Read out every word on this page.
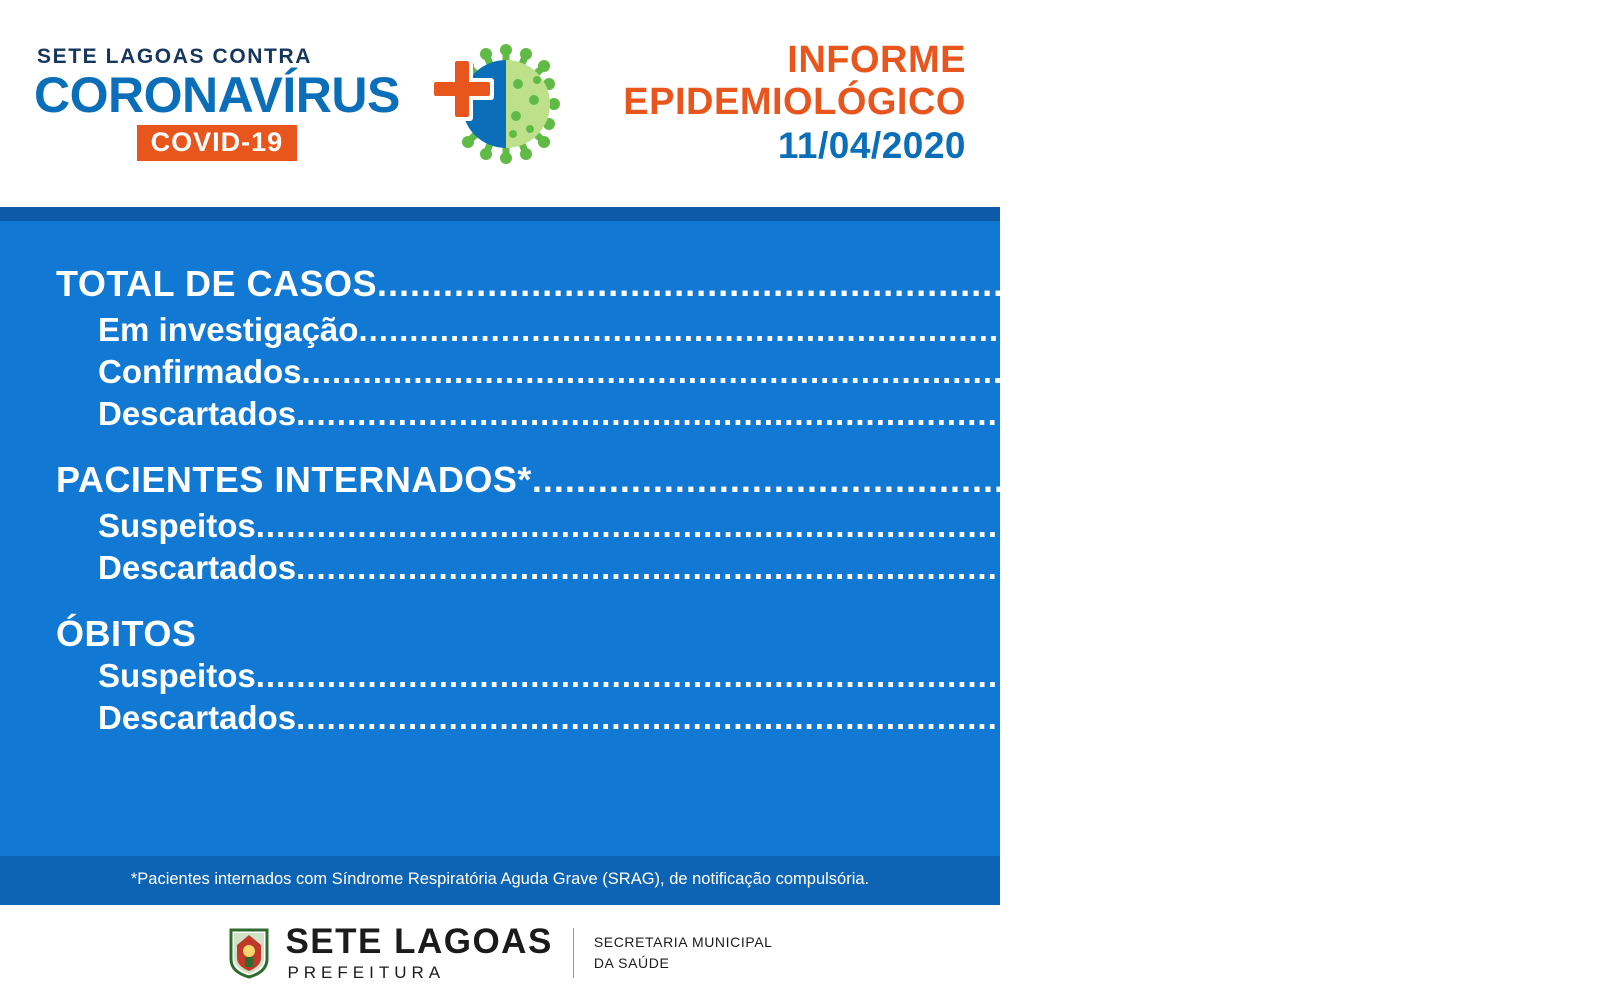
SETE LAGOAS CONTRA
CORONAVÍRUS
COVID-19
INFORME
EPIDEMIOLÓGICO
11/04/2020
TOTAL DE CASOS .......................................................................................... 492
Em investigação ..........................................................................................	411
Confirmados ..........................................................................................	3
Descartados ..........................................................................................	78
PACIENTES INTERNADOS* ..........................................................................................	7
Suspeitos ..........................................................................................	5
Descartados ..........................................................................................	2
ÓBITOS
Suspeitos ..........................................................................................	0
Descartados ..........................................................................................	1
*Pacientes internados com Síndrome Respiratória Aguda Grave (SRAG), de notificação compulsória.
SETE LAGOAS
PREFEITURA
SECRETARIA MUNICIPAL
DA SAÚDE
